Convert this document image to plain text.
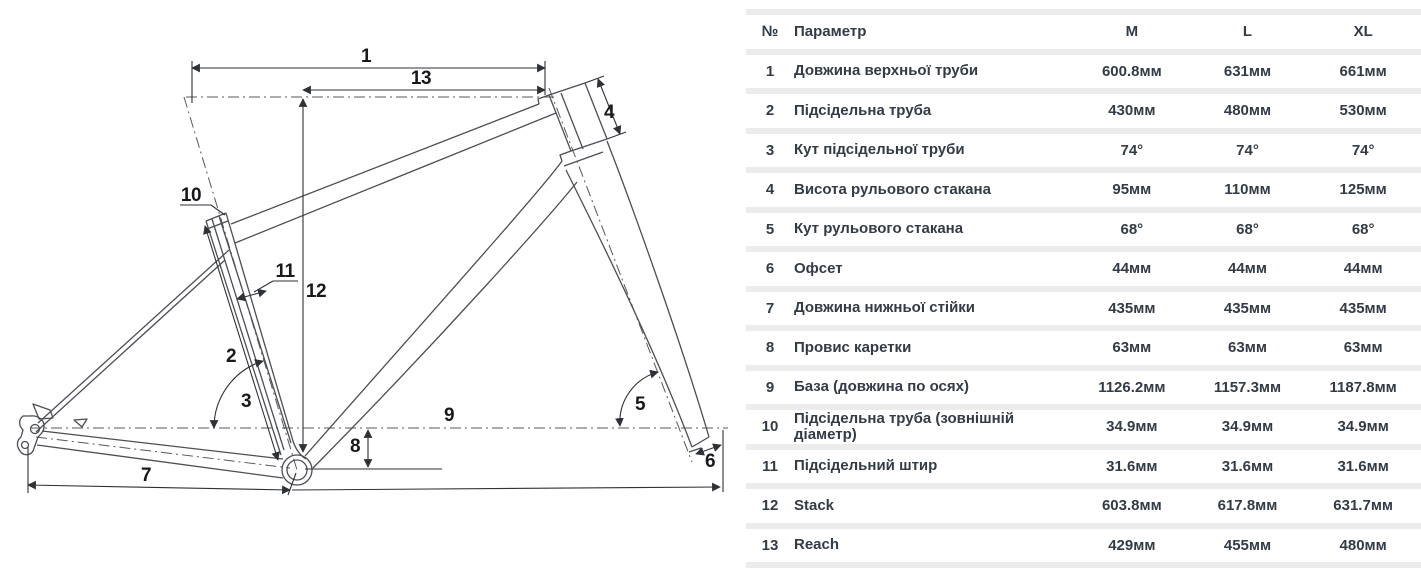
1
13
4
10
11
12
2
3	5
9
8
7
6
№	Параметр	M	L	XL
1	Довжина верхньої труби	600.8мм	631мм	661мм
2	Підсідельна труба	430мм	480мм	530мм
3	Кут підсідельної труби	74°	74°	74°
4	Висота рульового стакана	95мм	110мм	125мм
5	Кут рульового стакана	68°	68°	68°
6	Офсет	44мм	44мм	44мм
7	Довжина нижньої стійки	435мм	435мм	435мм
8	Провис каретки	63мм	63мм	63мм
9	База (довжина по осях)	1126.2мм	1157.3мм	1187.8мм
10	Підсідельна труба (зовнішній діаметр)	34.9мм	34.9мм	34.9мм
11	Підсідельний штир	31.6мм	31.6мм	31.6мм
12	Stack	603.8мм	617.8мм	631.7мм
13	Reach	429мм	455мм	480мм
